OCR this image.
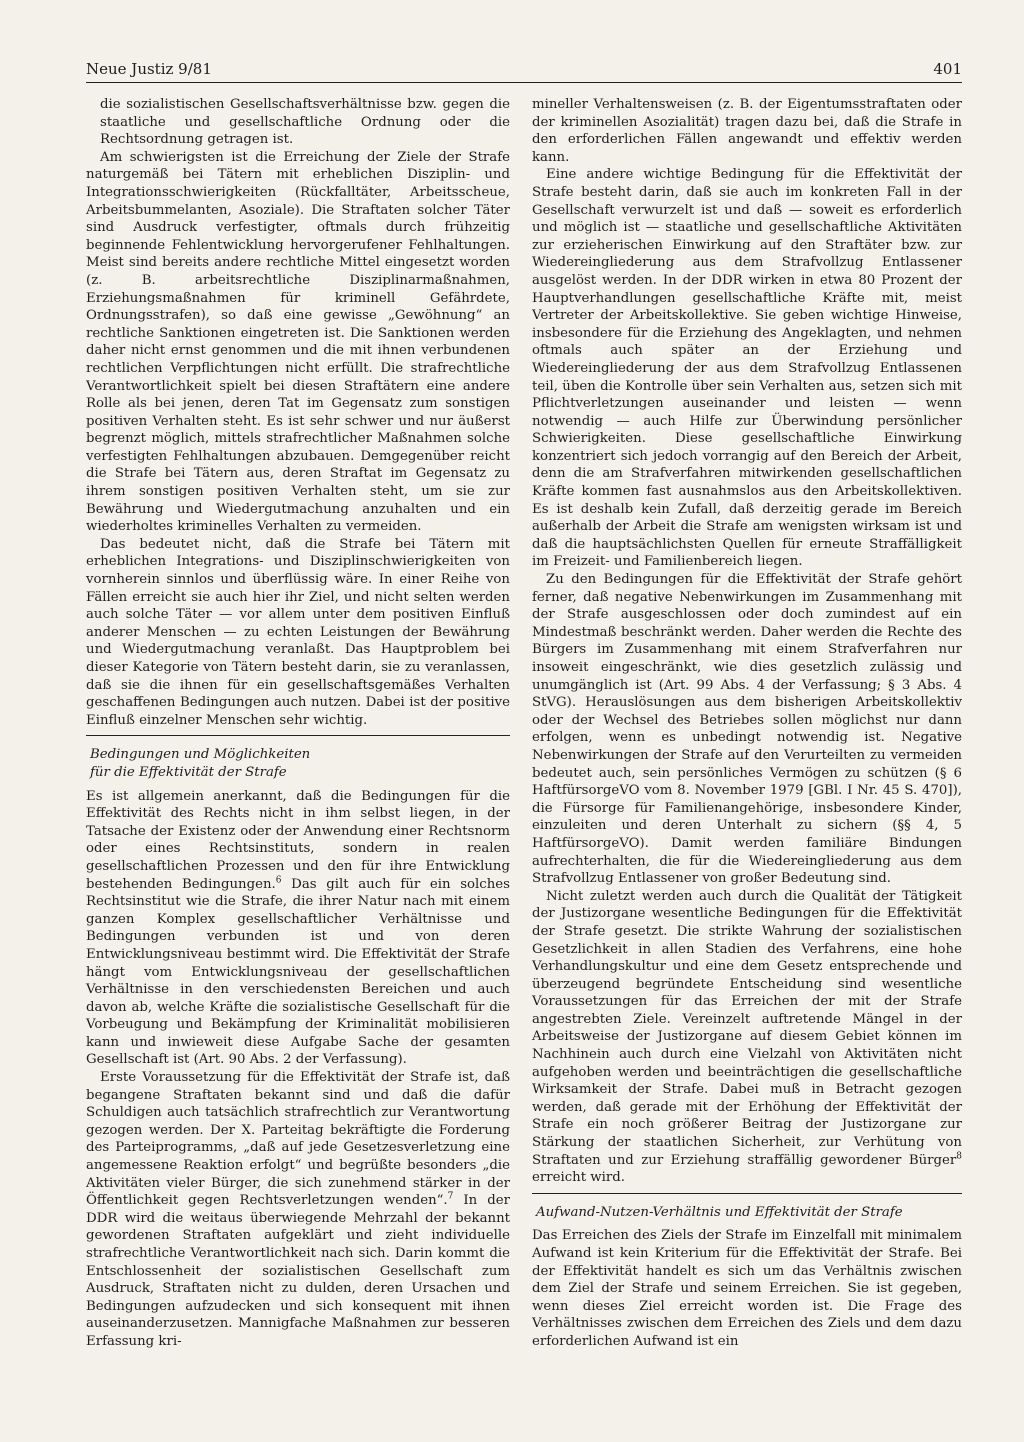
Neue Justiz 9/81	401

die sozialistischen Gesellschaftsverhältnisse bzw. gegen die staatliche und gesellschaftliche Ordnung oder die Rechtsordnung getragen ist.

Am schwierigsten ist die Erreichung der Ziele der Strafe naturgemäß bei Tätern mit erheblichen Disziplin- und Integrationsschwierigkeiten (Rückfalltäter, Arbeitsscheue, Arbeitsbummelanten, Asoziale). Die Straftaten solcher Täter sind Ausdruck verfestigter, oftmals durch frühzeitig beginnende Fehlentwicklung hervorgerufener Fehlhaltungen. Meist sind bereits andere rechtliche Mittel eingesetzt worden (z. B. arbeitsrechtliche Disziplinarmaßnahmen, Erziehungsmaßnahmen für kriminell Gefährdete, Ordnungsstrafen), so daß eine gewisse „Gewöhnung“ an rechtliche Sanktionen eingetreten ist. Die Sanktionen werden daher nicht ernst genommen und die mit ihnen verbundenen rechtlichen Verpflichtungen nicht erfüllt. Die strafrechtliche Verantwortlichkeit spielt bei diesen Straftätern eine andere Rolle als bei jenen, deren Tat im Gegensatz zum sonstigen positiven Verhalten steht. Es ist sehr schwer und nur äußerst begrenzt möglich, mittels strafrechtlicher Maßnahmen solche verfestigten Fehlhaltungen abzubauen. Demgegenüber reicht die Strafe bei Tätern aus, deren Straftat im Gegensatz zu ihrem sonstigen positiven Verhalten steht, um sie zur Bewährung und Wiedergutmachung anzuhalten und ein wiederholtes kriminelles Verhalten zu vermeiden.

Das bedeutet nicht, daß die Strafe bei Tätern mit erheblichen Integrations- und Disziplinschwierigkeiten von vornherein sinnlos und überflüssig wäre. In einer Reihe von Fällen erreicht sie auch hier ihr Ziel, und nicht selten werden auch solche Täter — vor allem unter dem positiven Einfluß anderer Menschen — zu echten Leistungen der Bewährung und Wiedergutmachung veranlaßt. Das Hauptproblem bei dieser Kategorie von Tätern besteht darin, sie zu veranlassen, daß sie die ihnen für ein gesellschaftsgemäßes Verhalten geschaffenen Bedingungen auch nutzen. Dabei ist der positive Einfluß einzelner Menschen sehr wichtig.

Bedingungen und Möglichkeiten
für die Effektivität der Strafe

Es ist allgemein anerkannt, daß die Bedingungen für die Effektivität des Rechts nicht in ihm selbst liegen, in der Tatsache der Existenz oder der Anwendung einer Rechtsnorm oder eines Rechtsinstituts, sondern in realen gesellschaftlichen Prozessen und den für ihre Entwicklung bestehenden Bedingungen.$^6$ Das gilt auch für ein solches Rechtsinstitut wie die Strafe, die ihrer Natur nach mit einem ganzen Komplex gesellschaftlicher Verhältnisse und Bedingungen verbunden ist und von deren Entwicklungsniveau bestimmt wird. Die Effektivität der Strafe hängt vom Entwicklungsniveau der gesellschaftlichen Verhältnisse in den verschiedensten Bereichen und auch davon ab, welche Kräfte die sozialistische Gesellschaft für die Vorbeugung und Bekämpfung der Kriminalität mobilisieren kann und inwieweit diese Aufgabe Sache der gesamten Gesellschaft ist (Art. 90 Abs. 2 der Verfassung).

Erste Voraussetzung für die Effektivität der Strafe ist, daß begangene Straftaten bekannt sind und daß die dafür Schuldigen auch tatsächlich strafrechtlich zur Verantwortung gezogen werden. Der X. Parteitag bekräftigte die Forderung des Parteiprogramms, „daß auf jede Gesetzesverletzung eine angemessene Reaktion erfolgt“ und begrüßte besonders „die Aktivitäten vieler Bürger, die sich zunehmend stärker in der Öffentlichkeit gegen Rechtsverletzungen wenden“.$^7$ In der DDR wird die weitaus überwiegende Mehrzahl der bekannt gewordenen Straftaten aufgeklärt und zieht individuelle strafrechtliche Verantwortlichkeit nach sich. Darin kommt die Entschlossenheit der sozialistischen Gesellschaft zum Ausdruck, Straftaten nicht zu dulden, deren Ursachen und Bedingungen aufzudecken und sich konsequent mit ihnen auseinanderzusetzen. Mannigfache Maßnahmen zur besseren Erfassung kri-

mineller Verhaltensweisen (z. B. der Eigentumsstraftaten oder der kriminellen Asozialität) tragen dazu bei, daß die Strafe in den erforderlichen Fällen angewandt und effektiv werden kann.

Eine andere wichtige Bedingung für die Effektivität der Strafe besteht darin, daß sie auch im konkreten Fall in der Gesellschaft verwurzelt ist und daß — soweit es erforderlich und möglich ist — staatliche und gesellschaftliche Aktivitäten zur erzieherischen Einwirkung auf den Straftäter bzw. zur Wiedereingliederung aus dem Strafvollzug Entlassener ausgelöst werden. In der DDR wirken in etwa 80 Prozent der Hauptverhandlungen gesellschaftliche Kräfte mit, meist Vertreter der Arbeitskollektive. Sie geben wichtige Hinweise, insbesondere für die Erziehung des Angeklagten, und nehmen oftmals auch später an der Erziehung und Wiedereingliederung der aus dem Strafvollzug Entlassenen teil, üben die Kontrolle über sein Verhalten aus, setzen sich mit Pflichtverletzungen auseinander und leisten — wenn notwendig — auch Hilfe zur Überwindung persönlicher Schwierigkeiten. Diese gesellschaftliche Einwirkung konzentriert sich jedoch vorrangig auf den Bereich der Arbeit, denn die am Strafverfahren mitwirkenden gesellschaftlichen Kräfte kommen fast ausnahmslos aus den Arbeitskollektiven. Es ist deshalb kein Zufall, daß derzeitig gerade im Bereich außerhalb der Arbeit die Strafe am wenigsten wirksam ist und daß die hauptsächlichsten Quellen für erneute Straffälligkeit im Freizeit- und Familienbereich liegen.

Zu den Bedingungen für die Effektivität der Strafe gehört ferner, daß negative Nebenwirkungen im Zusammenhang mit der Strafe ausgeschlossen oder doch zumindest auf ein Mindestmaß beschränkt werden. Daher werden die Rechte des Bürgers im Zusammenhang mit einem Strafverfahren nur insoweit eingeschränkt, wie dies gesetzlich zulässig und unumgänglich ist (Art. 99 Abs. 4 der Verfassung; § 3 Abs. 4 StVG). Herauslösungen aus dem bisherigen Arbeitskollektiv oder der Wechsel des Betriebes sollen möglichst nur dann erfolgen, wenn es unbedingt notwendig ist. Negative Nebenwirkungen der Strafe auf den Verurteilten zu vermeiden bedeutet auch, sein persönliches Vermögen zu schützen (§ 6 HaftfürsorgeVO vom 8. November 1979 [GBl. I Nr. 45 S. 470]), die Fürsorge für Familienangehörige, insbesondere Kinder, einzuleiten und deren Unterhalt zu sichern (§§ 4, 5 HaftfürsorgeVO). Damit werden familiäre Bindungen aufrechterhalten, die für die Wiedereingliederung aus dem Strafvollzug Entlassener von großer Bedeutung sind.

Nicht zuletzt werden auch durch die Qualität der Tätigkeit der Justizorgane wesentliche Bedingungen für die Effektivität der Strafe gesetzt. Die strikte Wahrung der sozialistischen Gesetzlichkeit in allen Stadien des Verfahrens, eine hohe Verhandlungskultur und eine dem Gesetz entsprechende und überzeugend begründete Entscheidung sind wesentliche Voraussetzungen für das Erreichen der mit der Strafe angestrebten Ziele. Vereinzelt auftretende Mängel in der Arbeitsweise der Justizorgane auf diesem Gebiet können im Nachhinein auch durch eine Vielzahl von Aktivitäten nicht aufgehoben werden und beeinträchtigen die gesellschaftliche Wirksamkeit der Strafe. Dabei muß in Betracht gezogen werden, daß gerade mit der Erhöhung der Effektivität der Strafe ein noch größerer Beitrag der Justizorgane zur Stärkung der staatlichen Sicherheit, zur Verhütung von Straftaten und zur Erziehung straffällig gewordener Bürger$^8$ erreicht wird.

Aufwand-Nutzen-Verhältnis und Effektivität der Strafe

Das Erreichen des Ziels der Strafe im Einzelfall mit minimalem Aufwand ist kein Kriterium für die Effektivität der Strafe. Bei der Effektivität handelt es sich um das Verhältnis zwischen dem Ziel der Strafe und seinem Erreichen. Sie ist gegeben, wenn dieses Ziel erreicht worden ist. Die Frage des Verhältnisses zwischen dem Erreichen des Ziels und dem dazu erforderlichen Aufwand ist ein
